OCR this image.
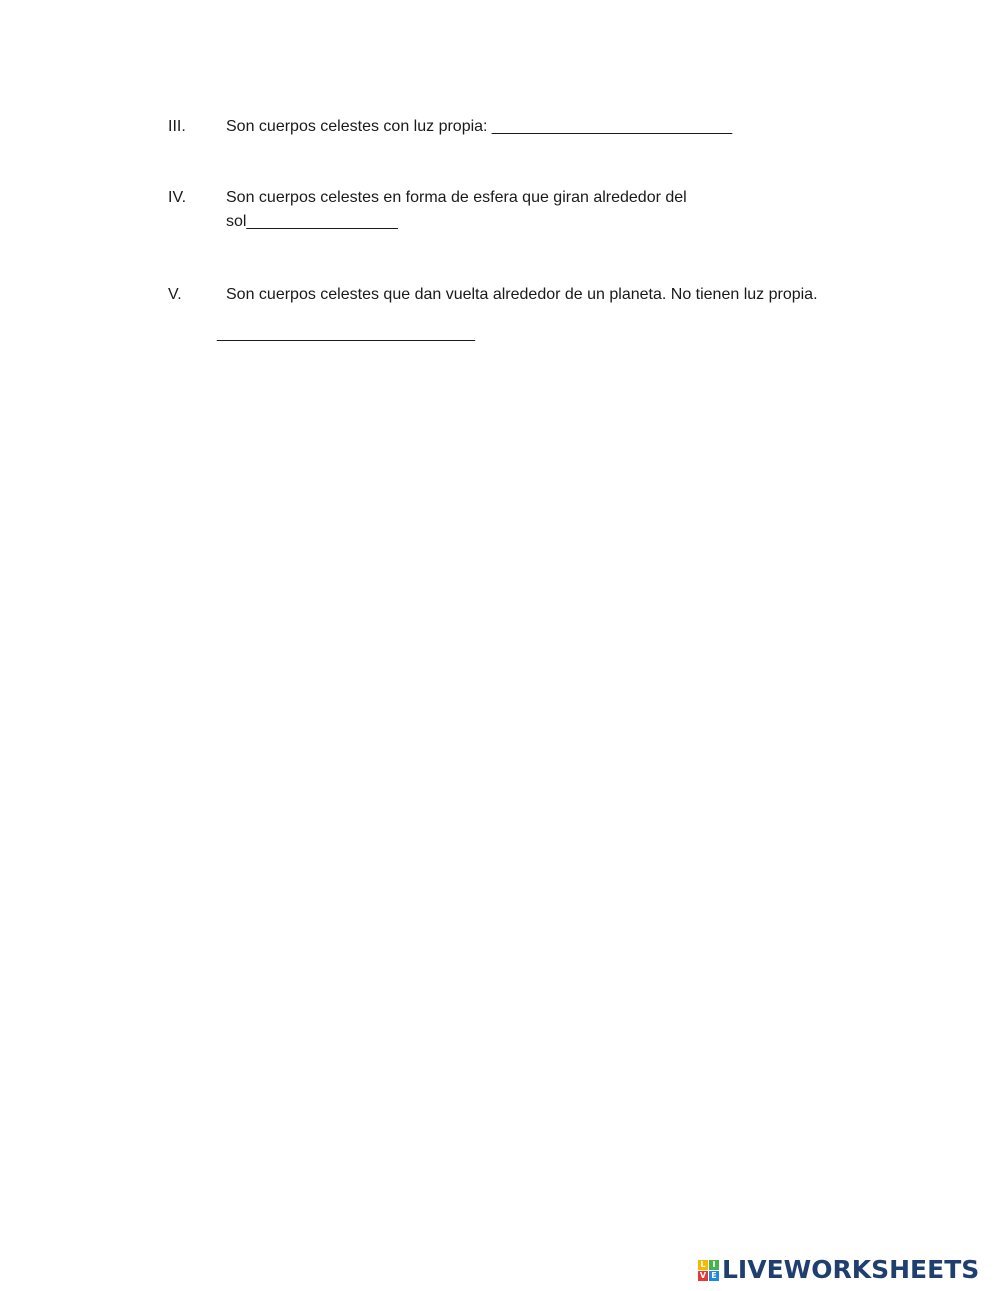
III.	Son cuerpos celestes con luz propia: ___________________________
IV.	Son cuerpos celestes en forma de esfera que giran alrededor del
sol_________________
V.	Son cuerpos celestes que dan vuelta alrededor de un planeta. No tienen luz propia.
_____________________________
L I
V E LIVEWORKSHEETS
